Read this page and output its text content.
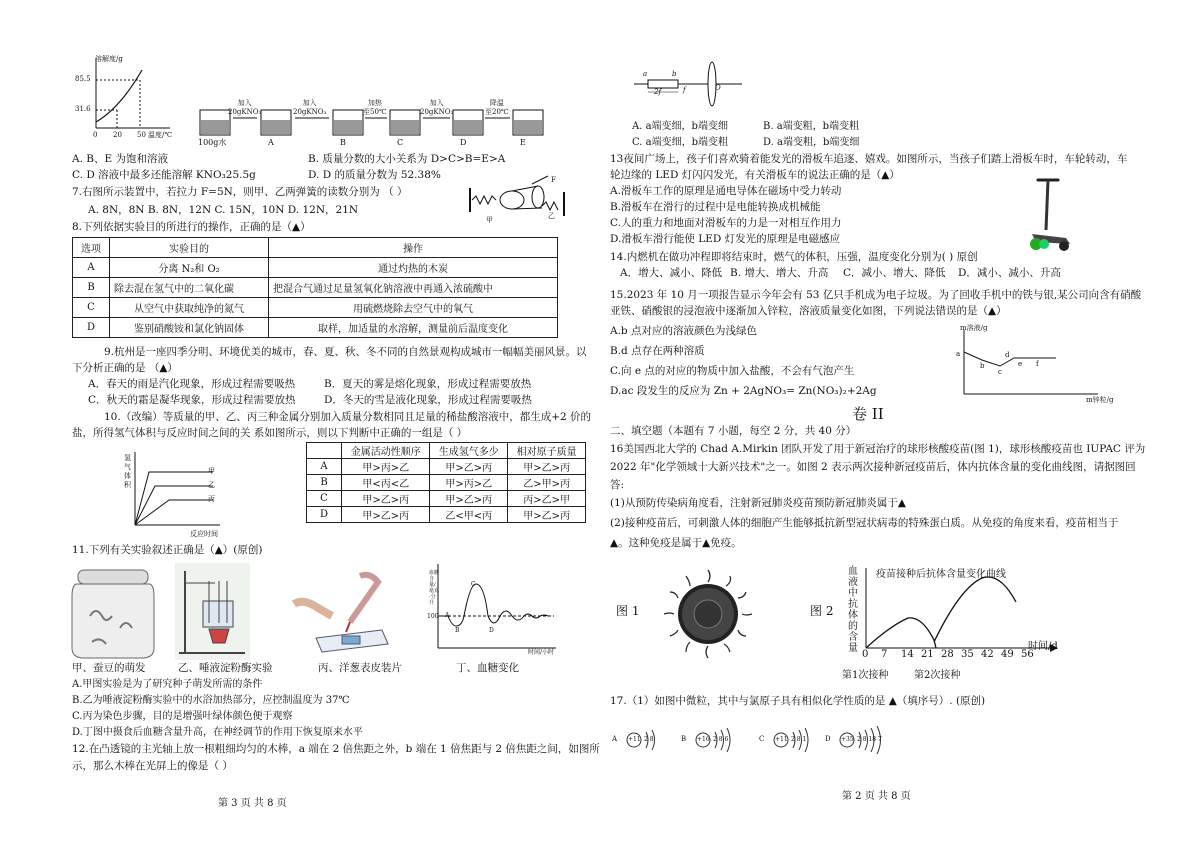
溶解度/g
85.5
31.6
0 20 50 温度/℃
加入
20gKNO₃
加入
20gKNO₃
加热
至50℃
加入
20gKNO₃
降温
至20℃
100g水	A	B	C	D	E
A. B、E 为饱和溶液	B. 质量分数的大小关系为 D>C>B=E>A
C. D 溶液中最多还能溶解 KNO₃25.5g	D. D 的质量分数为 52.38%
7.右图所示装置中，若拉力 F=5N，则甲、乙两弹簧的读数分别为 （ ）
A. 8N，8N B. 8N，12N C. 15N，10N D. 12N，21N
F
甲	乙
8.下列依据实验目的所进行的操作，正确的是（▲）
选项	实验目的	操作
A	分离 N₂和 O₂	通过灼热的木炭
B	除去混在氢气中的二氧化碳	把混合气通过足量氢氧化钠溶液中再通入浓硫酸中
C	从空气中获取纯净的氮气	用硫燃烧除去空气中的氧气
D	鉴别硝酸铵和氯化钠固体	取样，加适量的水溶解，测量前后温度变化
9.杭州是一座四季分明、环境优美的城市，春、夏、秋、冬不同的自然景观构成城市一幅幅美丽风景。以
下分析正确的是 （▲）
A．春天的雨是汽化现象，形成过程需要吸热	B．夏天的雾是熔化现象，形成过程需要放热
C．秋天的霜是凝华现象，形成过程需要放热	D．冬天的雪是液化现象，形成过程需要吸热
10.（改编）等质量的甲、乙、丙三种金属分别加入质量分数相同且足量的稀盐酸溶液中，都生成+2 价的
盐，所得氢气体积与反应时间之间的关 系如图所示，则以下判断中正确的一组是（ ）
氢气体积
反应时间
甲
乙
丙
	金属活动性顺序	生成氢气多少	相对原子质量
A	甲>丙>乙	甲>乙>丙	甲>乙>丙
B	甲<丙<乙	甲>丙>乙	乙>甲>丙
C	甲>乙>丙	甲>乙>丙	丙>乙>甲
D	甲>乙>丙	乙<甲<丙	甲>乙>丙
11.下列有关实验叙述正确是（▲）(原创)
血糖含量/毫克·分升
100 A
B
C
D
时间/小时
甲、蚕豆的萌发	乙、唾液淀粉酶实验	丙、洋葱表皮装片	丁、血糖变化
A.甲图实验是为了研究种子萌发所需的条件
B.乙为唾液淀粉酶实验中的水浴加热部分，应控制温度为 37℃
C.丙为染色步骤，目的是增强叶绿体颜色便于观察
D.丁图中摄食后血糖含量升高，在神经调节的作用下恢复原来水平
12.在凸透镜的主光轴上放一根粗细均匀的木棒，a 端在 2 倍焦距之外，b 端在 1 倍焦距与 2 倍焦距之间，如图所
示，那么木棒在光屏上的像是（ ）
第 3 页 共 8 页
a	b
2f	f	O
A. a端变细，b端变细	B. a端变粗，b端变粗
C. a端变细，b端变粗	D. a端变粗，b端变细
13夜间广场上，孩子们喜欢骑着能发光的滑板车追逐、嬉戏。如图所示，当孩子们踏上滑板车时，车轮转动，车
轮边缘的 LED 灯闪闪发光，有关滑板车的说法正确的是（▲）
A.滑板车工作的原理是通电导体在磁场中受力转动
B.滑板车在滑行的过程中是电能转换成机械能
C.人的重力和地面对滑板车的力是一对相互作用力
D.滑板车滑行能使 LED 灯发光的原理是电磁感应
14.内燃机在做功冲程即将结束时，燃气的体积，压强，温度变化分别为( ) 原创
A．增大、减小、降低 B. 增大、增大、升高 C．减小、增大、降低 D．减小、减小、升高
15.2023 年 10 月一项报告显示今年会有 53 亿只手机成为电子垃圾。为了回收手机中的铁与银,某公司向含有硝酸
亚铁、硝酸银的浸泡液中逐渐加入锌粒，溶液质量变化如图，下列说法错误的是（▲）
A.b 点对应的溶液颜色为浅绿色
B.d 点存在两种溶质
C.向 e 点的对应的物质中加入盐酸，不会有气泡产生
D.ac 段发生的反应为 Zn + 2AgNO₃= Zn(NO₃)₂+2Ag
m溶液/g
m锌粒/g
a
b
c
d
e f
卷 II
二、填空题（本题有 7 小题，每空 2 分，共 40 分）
16美国西北大学的 Chad A.Mirkin 团队开发了用于新冠治疗的球形核酸疫苗(图 1)，球形核酸疫苗也 IUPAC 评为
2022 年"化学领域十大新兴技术"之一。如图 2 表示两次接种新冠疫苗后，体内抗体含量的变化曲线图，请据图回
答:
(1)从预防传染病角度看，注射新冠肺炎疫苗预防新冠肺炎属于▲
(2)接种疫苗后，可刺激人体的细胞产生能够抵抗新型冠状病毒的特殊蛋白质。从免疫的角度来看，疫苗相当于
▲。这种免疫是属于▲免疫。
图 1	图 2
血液中抗体的含量
疫苗接种后抗体含量变化曲线
时间/d
0 7 14 21 28 35 42 49 56
第1次接种	第2次接种
17.（1）如图中微粒，其中与氯原子具有相似化学性质的是 ▲（填序号）. (原创)
A +11 2 8	B +16 2 8 6	C +11 2 8 1	D +35 2 8 18 7
第 2 页 共 8 页
